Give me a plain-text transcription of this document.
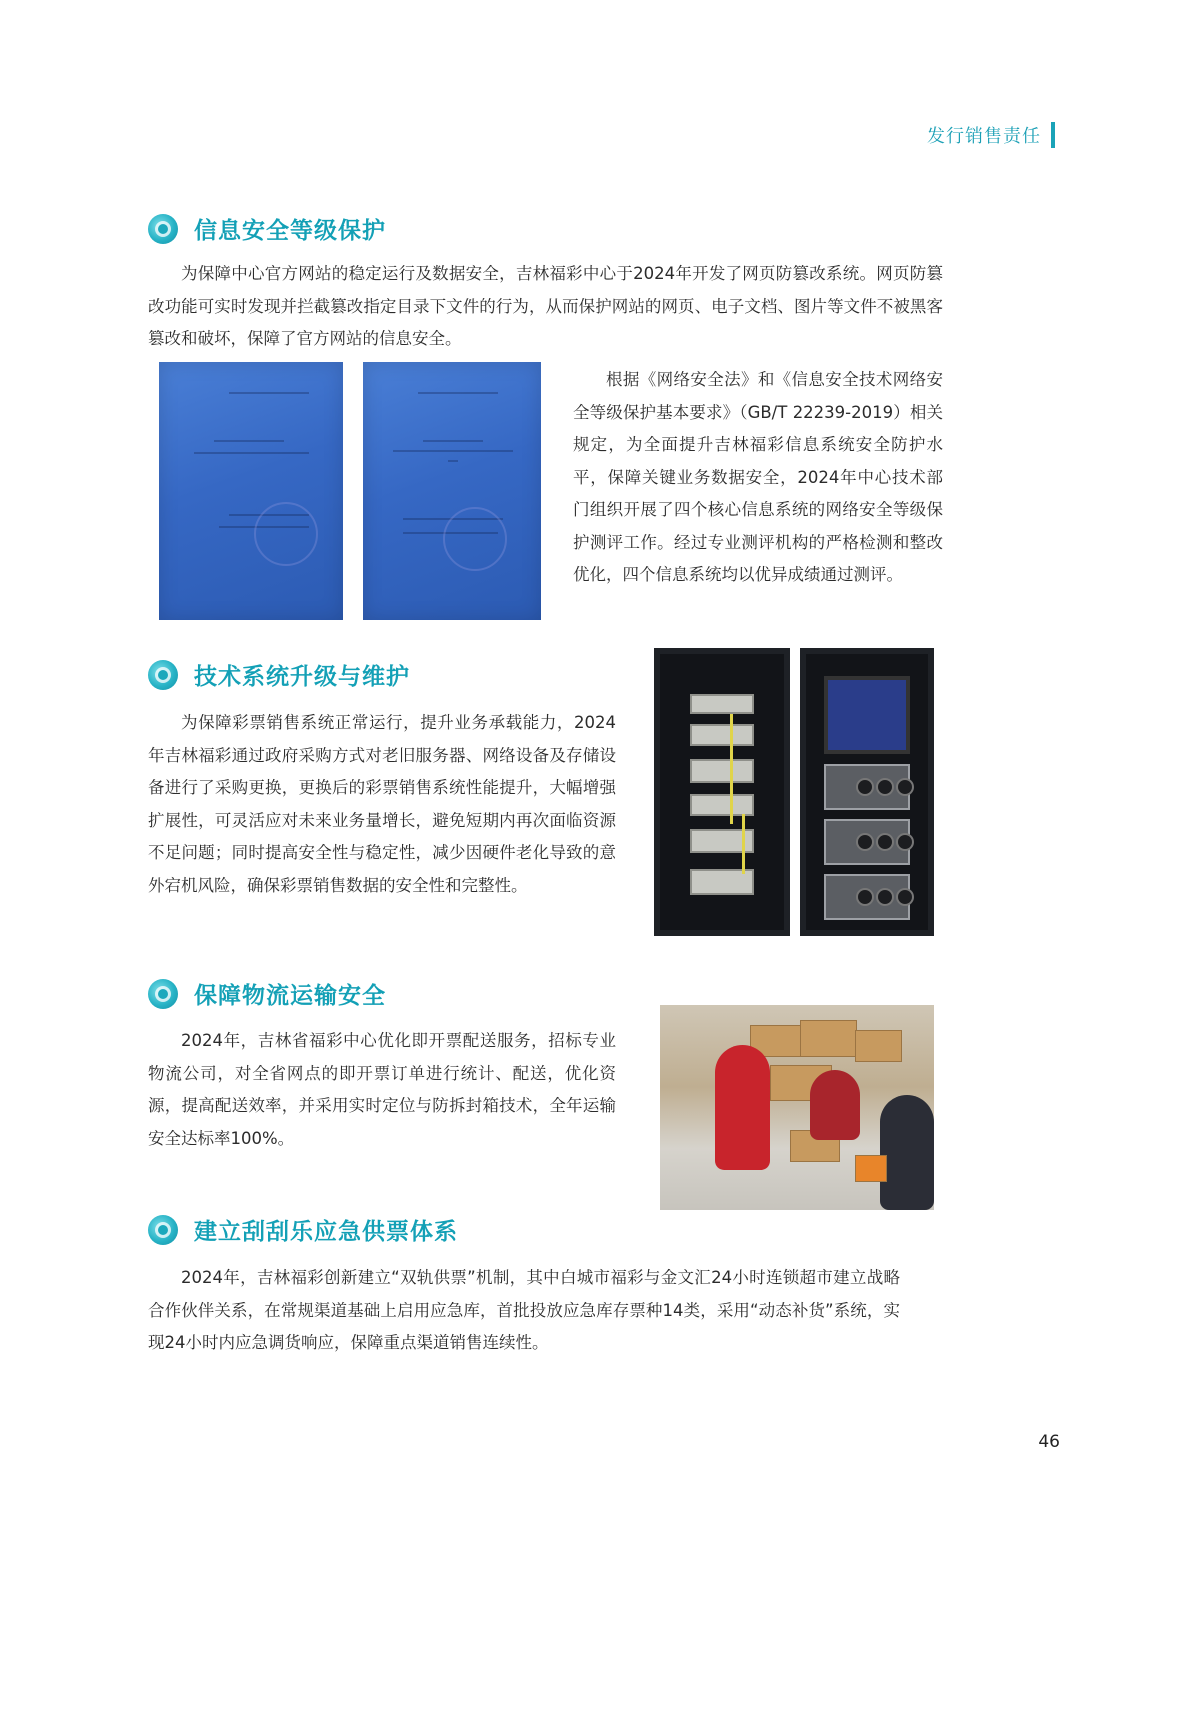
发行销售责任
信息安全等级保护

为保障中心官方网站的稳定运行及数据安全，吉林福彩中心于2024年开发了网页防篡改系统。网页防篡改功能可实时发现并拦截篡改指定目录下文件的行为，从而保护网站的网页、电子文档、图片等文件不被黑客篡改和破坏，保障了官方网站的信息安全。

根据《网络安全法》和《信息安全技术网络安全等级保护基本要求》（GB/T 22239-2019）相关规定，为全面提升吉林福彩信息系统安全防护水平，保障关键业务数据安全，2024年中心技术部门组织开展了四个核心信息系统的网络安全等级保护测评工作。经过专业测评机构的严格检测和整改优化，四个信息系统均以优异成绩通过测评。

技术系统升级与维护

为保障彩票销售系统正常运行，提升业务承载能力，2024年吉林福彩通过政府采购方式对老旧服务器、网络设备及存储设备进行了采购更换，更换后的彩票销售系统性能提升，大幅增强扩展性，可灵活应对未来业务量增长，避免短期内再次面临资源不足问题；同时提高安全性与稳定性，减少因硬件老化导致的意外宕机风险，确保彩票销售数据的安全性和完整性。

保障物流运输安全

2024年，吉林省福彩中心优化即开票配送服务，招标专业物流公司，对全省网点的即开票订单进行统计、配送，优化资源，提高配送效率，并采用实时定位与防拆封箱技术，全年运输安全达标率100%。

建立刮刮乐应急供票体系

2024年，吉林福彩创新建立“双轨供票”机制，其中白城市福彩与金文汇24小时连锁超市建立战略合作伙伴关系，在常规渠道基础上启用应急库，首批投放应急库存票种14类，采用“动态补货”系统，实现24小时内应急调货响应，保障重点渠道销售连续性。

46
